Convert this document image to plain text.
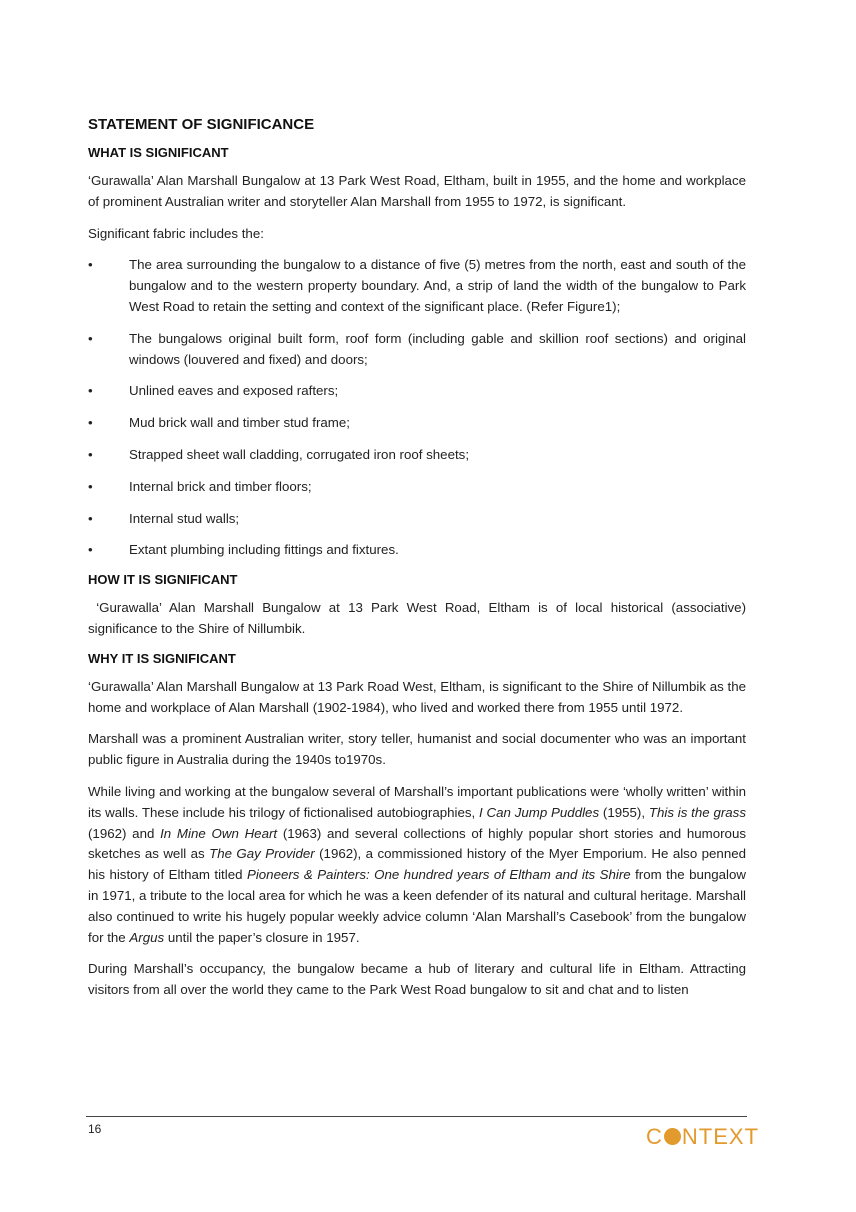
STATEMENT OF SIGNIFICANCE
WHAT IS SIGNIFICANT

‘Gurawalla’ Alan Marshall Bungalow at 13 Park West Road, Eltham, built in 1955, and the home and workplace of prominent Australian writer and storyteller Alan Marshall from 1955 to 1972, is significant.

Significant fabric includes the:

•	The area surrounding the bungalow to a distance of five (5) metres from the north, east and south of the bungalow and to the western property boundary. And, a strip of land the width of the bungalow to Park West Road to retain the setting and context of the significant place. (Refer Figure1);
•	The bungalows original built form, roof form (including gable and skillion roof sections) and original windows (louvered and fixed) and doors;
•	Unlined eaves and exposed rafters;
•	Mud brick wall and timber stud frame;
•	Strapped sheet wall cladding, corrugated iron roof sheets;
•	Internal brick and timber floors;
•	Internal stud walls;
•	Extant plumbing including fittings and fixtures.
HOW IT IS SIGNIFICANT

‘Gurawalla’ Alan Marshall Bungalow at 13 Park West Road, Eltham is of local historical (associative) significance to the Shire of Nillumbik.

WHY IT IS SIGNIFICANT

‘Gurawalla’ Alan Marshall Bungalow at 13 Park Road West, Eltham, is significant to the Shire of Nillumbik as the home and workplace of Alan Marshall (1902-1984), who lived and worked there from 1955 until 1972.

Marshall was a prominent Australian writer, story teller, humanist and social documenter who was an important public figure in Australia during the 1940s to1970s.

While living and working at the bungalow several of Marshall’s important publications were ‘wholly written’ within its walls. These include his trilogy of fictionalised autobiographies, I Can Jump Puddles (1955), This is the grass (1962) and In Mine Own Heart (1963) and several collections of highly popular short stories and humorous sketches as well as The Gay Provider (1962), a commissioned history of the Myer Emporium. He also penned his history of Eltham titled Pioneers & Painters: One hundred years of Eltham and its Shire from the bungalow in 1971, a tribute to the local area for which he was a keen defender of its natural and cultural heritage. Marshall also continued to write his hugely popular weekly advice column ‘Alan Marshall’s Casebook’ from the bungalow for the Argus until the paper’s closure in 1957.

During Marshall’s occupancy, the bungalow became a hub of literary and cultural life in Eltham. Attracting visitors from all over the world they came to the Park West Road bungalow to sit and chat and to listen

16	C NTEXT
